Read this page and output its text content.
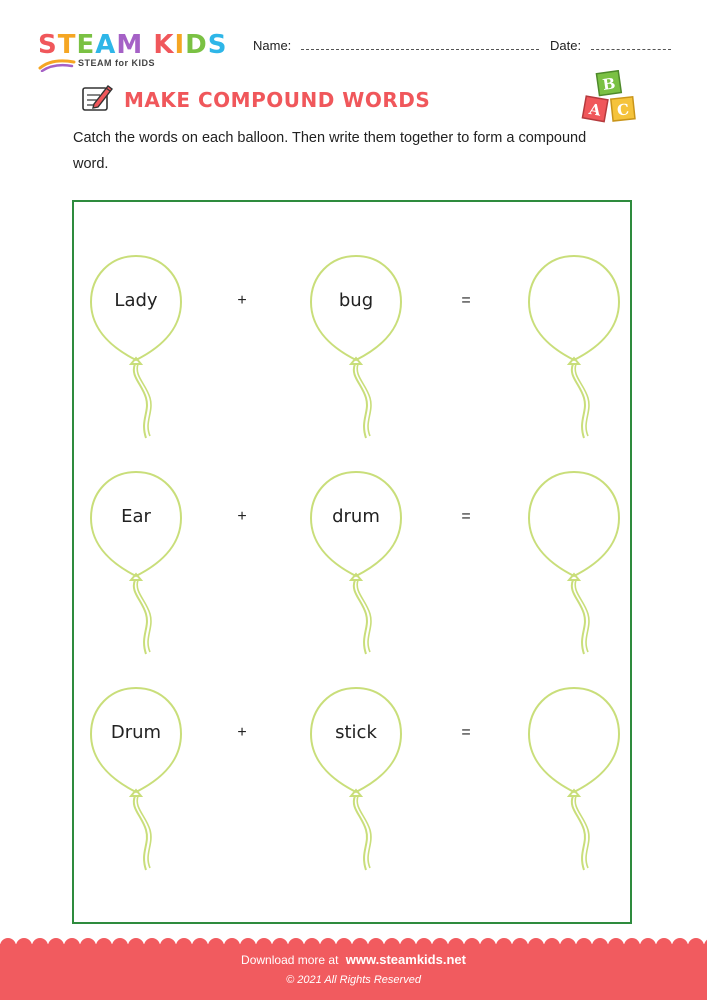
STEAM KIDS
STEAM for KIDS
Name:	Date:
MAKE COMPOUND WORDS
Catch the words on each balloon. Then write them together to form a compound word.
B
A C
Lady	bug
+	=
Ear	drum
+	=
Drum	stick
+	=
Download more at www.steamkids.net
© 2021 All Rights Reserved
